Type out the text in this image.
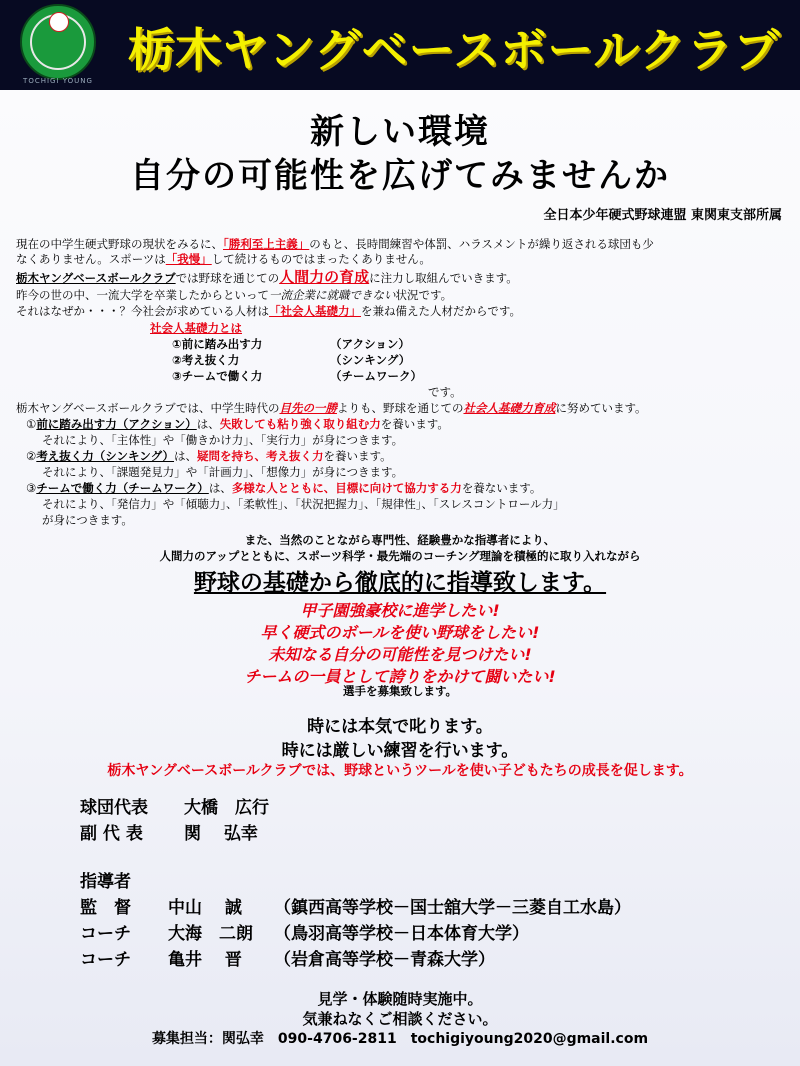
TOCHIGI YOUNG
栃木ヤングベースボールクラブ
新しい環境
自分の可能性を広げてみませんか
全日本少年硬式野球連盟 東関東支部所属
現在の中学生硬式野球の現状をみるに、「勝利至上主義」のもと、長時間練習や体罰、ハラスメントが繰り返される球団も少
なくありません。スポーツは「我慢」して続けるものではまったくありません。
栃木ヤングベースボールクラブでは野球を通じての人間力の育成に注力し取組んでいきます。
昨今の世の中、一流大学を卒業したからといって一流企業に就職できない状況です。
それはなぜか・・・？今社会が求めている人材は「社会人基礎力」を兼ね備えた人材だからです。
社会人基礎力とは
①前に踏み出す力	（アクション）
②考え抜く力	（シンキング）
③チームで働く力	（チームワーク）
です。
栃木ヤングベースボールクラブでは、中学生時代の目先の一勝よりも、野球を通じての社会人基礎力育成に努めています。
①前に踏み出す力（アクション）は、失敗しても粘り強く取り組む力を養います。
それにより、「主体性」や「働きかけ力」、「実行力」が身につきます。
②考え抜く力（シンキング）は、疑問を持ち、考え抜く力を養います。
それにより、「課題発見力」や「計画力」、「想像力」が身につきます。
③チームで働く力（チームワーク）は、多様な人とともに、目標に向けて協力する力を養ないます。
それにより、「発信力」や「傾聴力」、「柔軟性」、「状況把握力」、「規律性」、「スレスコントロール力」
が身につきます。
また、当然のことながら専門性、経験豊かな指導者により、
人間力のアップとともに、スポーツ科学・最先端のコーチング理論を積極的に取り入れながら
野球の基礎から徹底的に指導致します。
甲子園強豪校に進学したい!
早く硬式のボールを使い野球をしたい!
未知なる自分の可能性を見つけたい!
チームの一員として誇りをかけて闘いたい!
選手を募集致します。
時には本気で叱ります。
時には厳しい練習を行います。
栃木ヤングベースボールクラブでは、野球というツールを使い子どもたちの成長を促します。
球団代表 大橋　広行
副 代 表 関　 弘幸
指導者
監　督 中山　 誠 （鎮西高等学校－国士舘大学－三菱自工水島）
コーチ 大海　二朗 （鳥羽高等学校－日本体育大学）
コーチ 亀井　 晋 （岩倉高等学校－青森大学）
見学・体験随時実施中。
気兼ねなくご相談ください。
募集担当：関弘幸　090-4706-2811　tochigiyoung2020@gmail.com
